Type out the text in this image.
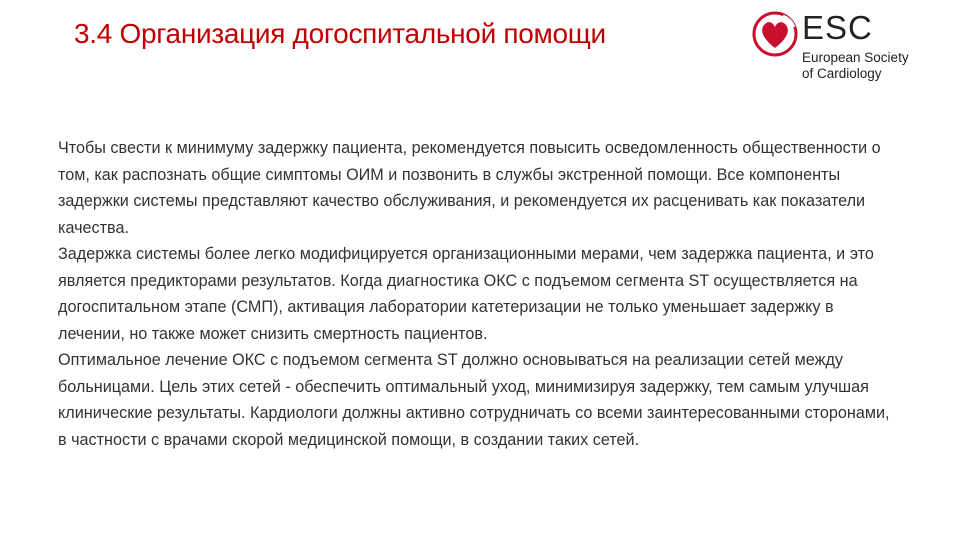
3.4 Организация догоспитальной помощи	ESC
European Society
of Cardiology

Чтобы свести к минимуму задержку пациента, рекомендуется повысить осведомленность общественности о том, как распознать общие симптомы ОИМ и позвонить в службы экстренной помощи. Все компоненты задержки системы представляют качество обслуживания, и рекомендуется их расценивать как показатели качества.

Задержка системы более легко модифицируется организационными мерами, чем задержка пациента, и это является предикторами результатов. Когда диагностика ОКС с подъемом сегмента ST осуществляется на догоспитальном этапе (СМП), активация лаборатории катетеризации не только уменьшает задержку в лечении, но также может снизить смертность пациентов.

Оптимальное лечение ОКС с подъемом сегмента ST должно основываться на реализации сетей между больницами. Цель этих сетей - обеспечить оптимальный уход, минимизируя задержку, тем самым улучшая клинические результаты. Кардиологи должны активно сотрудничать со всеми заинтересованными сторонами, в частности с врачами скорой медицинской помощи, в создании таких сетей.
